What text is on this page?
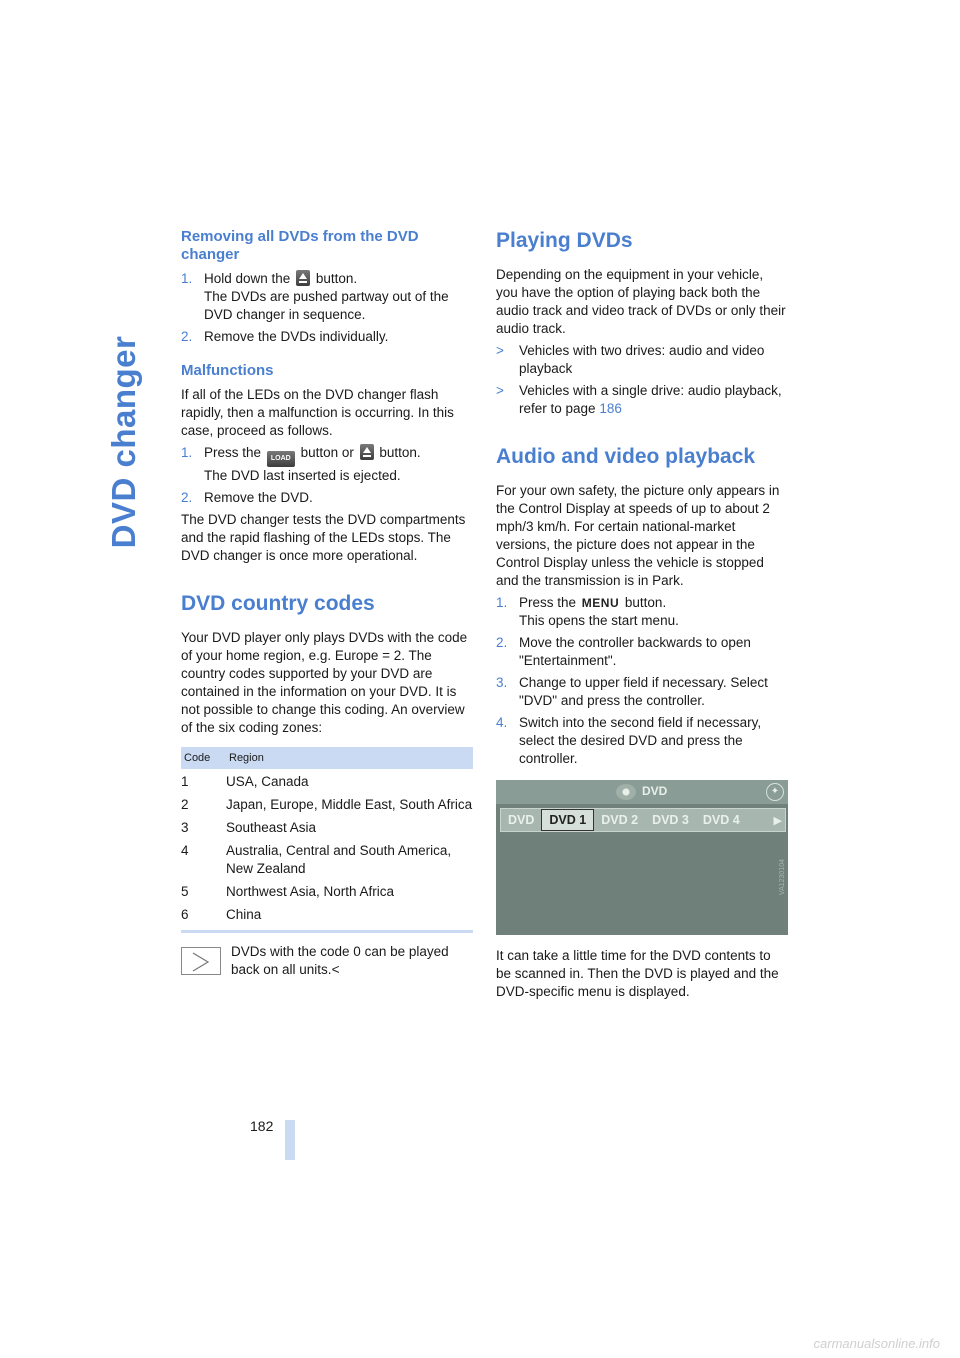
DVD changer
Removing all DVDs from the DVD changer
1. Hold down the button.
The DVDs are pushed partway out of the DVD changer in sequence.
2. Remove the DVDs individually.
Malfunctions

If all of the LEDs on the DVD changer flash rapidly, then a malfunction is occurring. In this case, proceed as follows.

1. Press the LOAD button or button.
The DVD last inserted is ejected.
2. Remove the DVD.

The DVD changer tests the DVD compartments and the rapid flashing of the LEDs stops. The DVD changer is once more operational.

DVD country codes

Your DVD player only plays DVDs with the code of your home region, e.g. Europe = 2. The country codes supported by your DVD are contained in the information on your DVD. It is not possible to change this coding. An overview of the six coding zones:

Code	Region
1	USA, Canada
2	Japan, Europe, Middle East, South Africa
3	Southeast Asia
4	Australia, Central and South America, New Zealand
5	Northwest Asia, North Africa
6	China
DVDs with the code 0 can be played back on all units.<
Playing DVDs

Depending on the equipment in your vehicle, you have the option of playing back both the audio track and video track of DVDs or only their audio track.

> Vehicles with two drives: audio and video playback
> Vehicles with a single drive: audio playback, refer to page 186
Audio and video playback

For your own safety, the picture only appears in the Control Display at speeds of up to about 2 mph/3 km/h. For certain national-market versions, the picture does not appear in the Control Display unless the vehicle is stopped and the transmission is in Park.

1. Press the MENU button.
This opens the start menu.
2. Move the controller backwards to open "Entertainment".
3. Change to upper field if necessary. Select "DVD" and press the controller.
4. Switch into the second field if necessary, select the desired DVD and press the controller.
DVD	✦
DVD	DVD 1	DVD 2	DVD 3	DVD 4	▶
VA1230104

It can take a little time for the DVD contents to be scanned in. Then the DVD is played and the DVD-specific menu is displayed.

182
carmanualsonline.info
